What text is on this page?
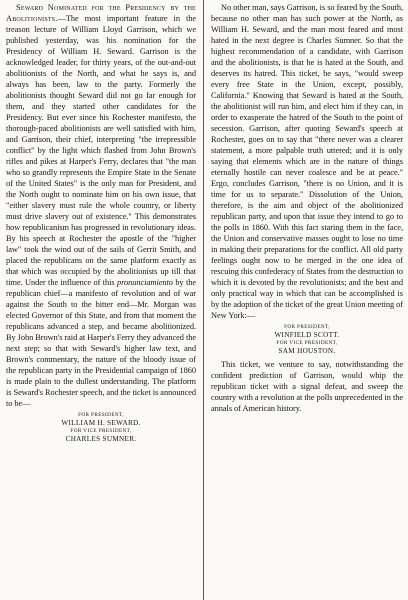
Seward Nominated for the Presidency by the Abolitionists.—The most important feature in the treason lecture of William Lloyd Garrison, which we published yesterday, was his nomination for the Presidency of William H. Seward. Garrison is the acknowledged leader, for thirty years, of the out-and-out abolitionists of the North, and what he says is, and always has been, law to the party. Formerly the abolitionists thought Seward did not go far enough for them, and they started other candidates for the Presidency. But ever since his Rochester manifesto, the thorough-paced abolitionists are well satisfied with him, and Garrison, their chief, interpreting "the irrepressible conflict" by the light which flashed from John Brown's rifles and pikes at Harper's Ferry, declares that "the man who so grandly represents the Empire State in the Senate of the United States" is the only man for President, and the North ought to nominate him on his own issue, that "either slavery must rule the whole country, or liberty must drive slavery out of existence." This demonstrates how republicanism has progressed in revolutionary ideas. By his speech at Rochester the apostle of the "higher law" took the wind out of the sails of Gerrit Smith, and placed the republicans on the same platform exactly as that which was occupied by the abolitionists up till that time. Under the influence of this pronunciamiento by the republican chief—a manifesto of revolution and of war against the South to the bitter end—Mr. Morgan was elected Governor of this State, and from that moment the republicans advanced a step, and became abolitionized. By John Brown's raid at Harper's Ferry they advanced the next step; so that with Seward's higher law text, and Brown's commentary, the nature of the bloody issue of the republican party in the Presidential campaign of 1860 is made plain to the dullest understanding. The platform is Seward's Rochester speech, and the ticket is announced to be—

FOR PRESIDENT,
WILLIAM H. SEWARD.
FOR VICE PRESIDENT,
CHARLES SUMNER.

No other man, says Garrison, is so feared by the South, because no other man has such power at the North, as William H. Seward, and the man most feared and most hated in the next degree is Charles Sumner. So that the highest recommendation of a candidate, with Garrison and the abolitionists, is that he is hated at the South, and deserves its hatred. This ticket, he says, "would sweep every free State in the Union, except, possibly, California." Knowing that Seward is hated at the South, the abolitionist will run him, and elect him if they can, in order to exasperate the hatred of the South to the point of secession. Garrison, after quoting Seward's speech at Rochester, goes on to say that "there never was a clearer statement, a more palpable truth uttered; and it is only saying that elements which are in the nature of things eternally hostile can never coalesce and be at peace." Ergo, concludes Garrison, "there is no Union, and it is time for us to separate." Dissolution of the Union, therefore, is the aim and object of the abolitionized republican party, and upon that issue they intend to go to the polls in 1860. With this fact staring them in the face, the Union and conservative masses ought to lose no time in making their preparations for the conflict. All old party feelings ought now to be merged in the one idea of rescuing this confederacy of States from the destruction to which it is devoted by the revolutionists; and the best and only practical way in which that can be accomplished is by the adoption of the ticket of the great Union meeting of New York:—

FOR PRESIDENT,
WINFIELD SCOTT.
FOR VICE PRESIDENT,
SAM HOUSTON.

This ticket, we venture to say, notwithstanding the confident prediction of Garrison, would whip the republican ticket with a signal defeat, and sweep the country with a revolution at the polls unprecedented in the annals of American history.
